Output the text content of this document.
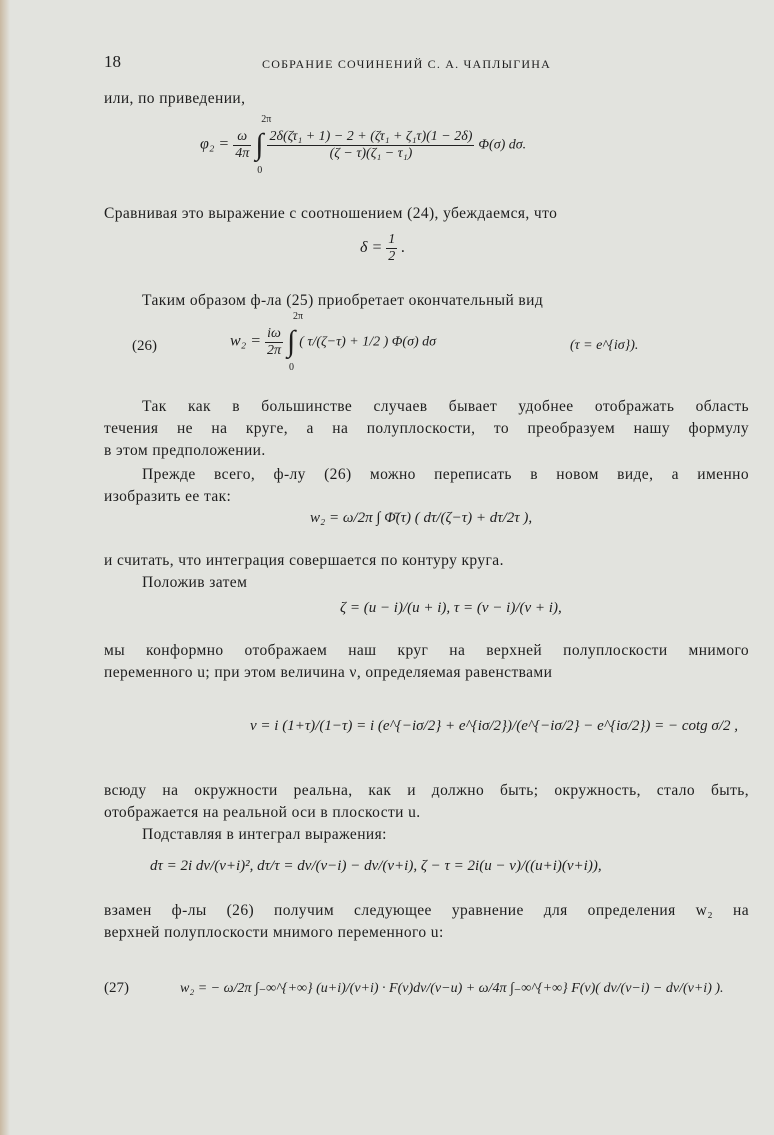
18	СОБРАНИЕ СОЧИНЕНИЙ С. А. ЧАПЛЫГИНА
или, по приведении,
$\varphi_2 = \frac{\omega}{4\pi}$

2π
∫
0

$\frac{\text{2δ(ζτ₁ + 1) − 2 + (ζτ₁ + ζ₁τ)(1 − 2δ)}}{\text{(ζ − τ)(ζ₁ − τ₁)}} \Phi(\sigma)$ dσ.
Сравнивая это выражение с соотношением (24), убеждаемся, что
$\delta = \frac{1}{2}$ .
Таким образом ф-ла (25) приобретает окончательный вид
(26)	$w_2 = \frac{i\omega}{2\pi}$

2π
∫
0
( τ/(ζ−τ) + 1/2 ) Φ(σ) dσ	(τ = e^{iσ}).
Так как в большинстве случаев бывает удобнее отображать область
течения не на круге, а на полуплоскости, то преобразуем нашу формулу
в этом предположении.
Прежде всего, ф-лу (26) можно переписать в новом виде, а именно
изобразить ее так:
w₂ = ω/2π ∫ Φ̄(τ) ( dτ/(ζ−τ) + dτ/2τ ),
и считать, что интеграция совершается по контуру круга.
Положив затем
ζ = (u − i)/(u + i), τ = (ν − i)/(ν + i),
мы конформно отображаем наш круг на верхней полуплоскости мнимого
переменного u; при этом величина ν, определяемая равенствами
ν = i (1+τ)/(1−τ) = i (e^{−iσ/2} + e^{iσ/2})/(e^{−iσ/2} − e^{iσ/2}) = − cotg σ/2 ,
всюду на окружности реальна, как и должно быть; окружность, стало быть,
отображается на реальной оси в плоскости u.
Подставляя в интеграл выражения:
dτ = 2i dν/(ν+i)², dτ/τ = dν/(ν−i) − dν/(ν+i), ζ − τ = 2i(u − ν)/((u+i)(ν+i)),
взамен ф-лы (26) получим следующее уравнение для определения w₂ на
верхней полуплоскости мнимого переменного u:
(27)	w₂ = − ω/2π ∫₋∞^{+∞} (u+i)/(ν+i) · F(ν)dν/(ν−u) + ω/4π ∫₋∞^{+∞} F(ν)( dν/(ν−i) − dν/(ν+i) ).
